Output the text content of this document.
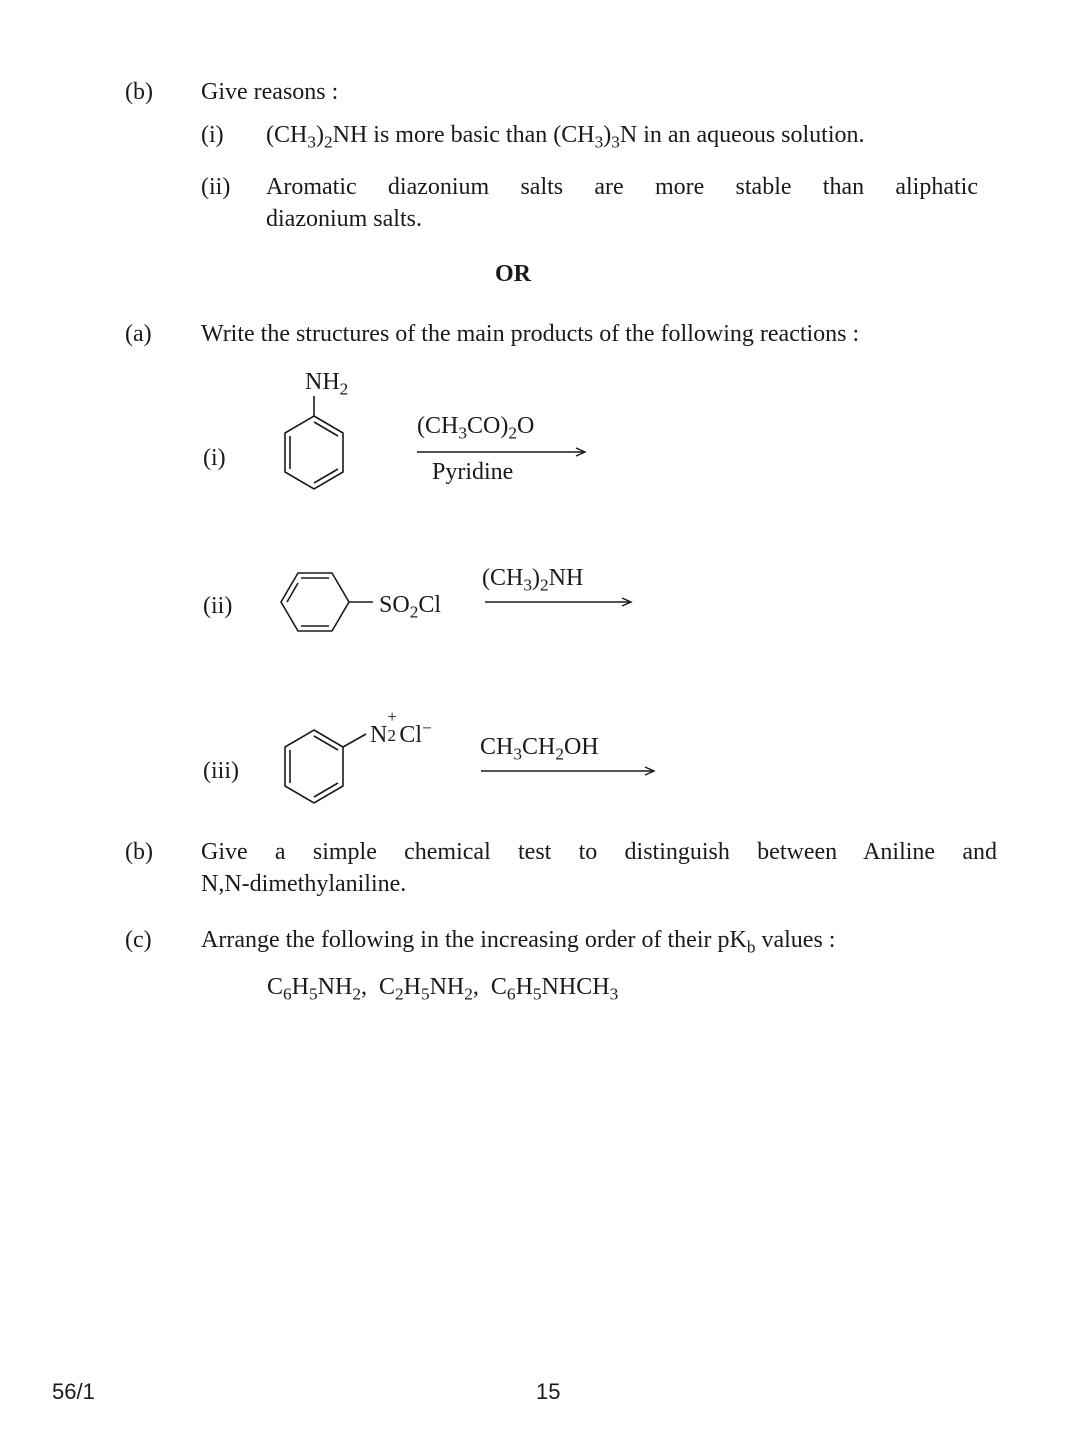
(b) Give reasons :
(i) $(CH_3)_2NH$ is more basic than $(CH_3)_3N$ in an aqueous solution.
(ii) Aromatic diazonium salts are more stable than aliphatic
diazonium salts.
OR
(a) Write the structures of the main products of the following reactions :
(i)
$NH_2$
$(CH_3CO)_2O$
Pyridine
(ii)	$SO_2Cl$
$(CH_3)_2NH$
(iii)
N
+
2 Cl−
$CH_3CH_2OH$
(b) Give a simple chemical test to distinguish between Aniline and
N,N-dimethylaniline.
(c) Arrange the following in the increasing order of their $pK_b$ values :
$C_6H_5NH_2$,  $C_2H_5NH_2$,  $C_6H_5NHCH_3$
56/1	15
